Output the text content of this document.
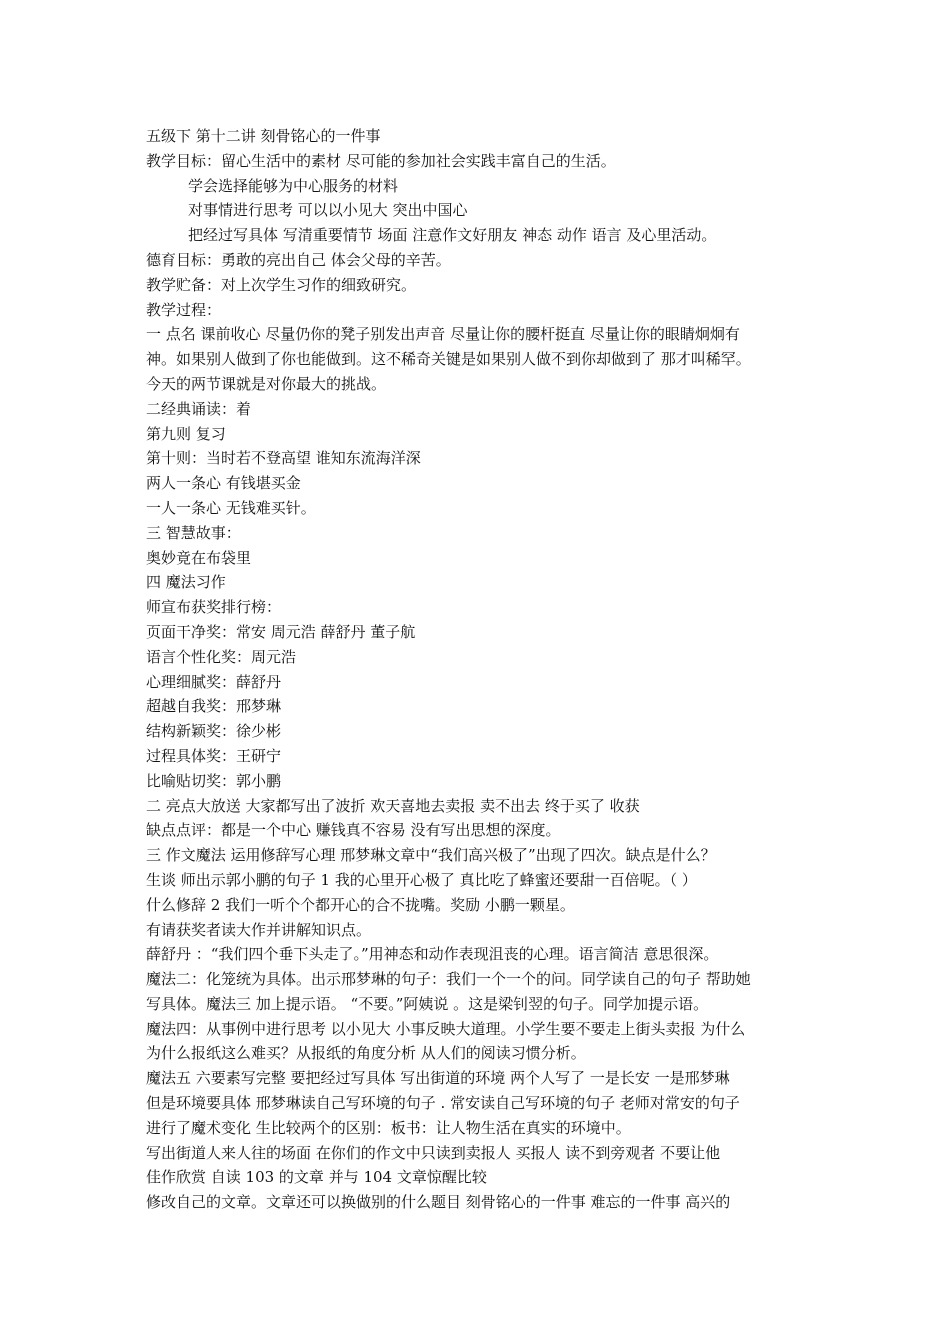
五级下 第十二讲 刻骨铭心的一件事
教学目标：留心生活中的素材 尽可能的参加社会实践丰富自己的生活。
学会选择能够为中心服务的材料
对事情进行思考 可以以小见大 突出中国心
把经过写具体 写清重要情节 场面 注意作文好朋友 神态 动作 语言 及心里活动。
德育目标：勇敢的亮出自己 体会父母的辛苦。
教学贮备：对上次学生习作的细致研究。
教学过程：
一 点名 课前收心 尽量仍你的凳子别发出声音 尽量让你的腰杆挺直 尽量让你的眼睛炯炯有
神。如果别人做到了你也能做到。这不稀奇关键是如果别人做不到你却做到了 那才叫稀罕。
今天的两节课就是对你最大的挑战。
二经典诵读：着
第九则 复习
第十则：当时若不登高望 谁知东流海洋深
两人一条心 有钱堪买金
一人一条心 无钱难买针。
三 智慧故事：
奥妙竟在布袋里
四 魔法习作
师宣布获奖排行榜：
页面干净奖：常安 周元浩 薛舒丹 董子航
语言个性化奖：周元浩
心理细腻奖：薛舒丹
超越自我奖：邢梦琳
结构新颖奖：徐少彬
过程具体奖：王研宁
比喻贴切奖：郭小鹏
二 亮点大放送 大家都写出了波折 欢天喜地去卖报 卖不出去 终于买了 收获
缺点点评：都是一个中心 赚钱真不容易 没有写出思想的深度。
三 作文魔法 运用修辞写心理 邢梦琳文章中“我们高兴极了”出现了四次。缺点是什么？
生谈 师出示郭小鹏的句子 1 我的心里开心极了 真比吃了蜂蜜还要甜一百倍呢。（ ）
什么修辞 2 我们一听个个都开心的合不拢嘴。奖励 小鹏一颗星。
有请获奖者读大作并讲解知识点。
薛舒丹 ：“我们四个垂下头走了。”用神态和动作表现沮丧的心理。语言简洁 意思很深。
魔法二：化笼统为具体。出示邢梦琳的句子：我们一个一个的问。同学读自己的句子 帮助她
写具体。魔法三 加上提示语。 “不要。”阿姨说 。这是梁钊翌的句子。同学加提示语。
魔法四：从事例中进行思考 以小见大 小事反映大道理。小学生要不要走上街头卖报 为什么
为什么报纸这么难买？从报纸的角度分析 从人们的阅读习惯分析。
魔法五 六要素写完整 要把经过写具体 写出街道的环境 两个人写了 一是长安 一是邢梦琳
但是环境要具体 邢梦琳读自己写环境的句子 . 常安读自己写环境的句子 老师对常安的句子
进行了魔术变化 生比较两个的区别：板书：让人物生活在真实的环境中。
写出街道人来人往的场面 在你们的作文中只读到卖报人 买报人 读不到旁观者 不要让他
佳作欣赏 自读 103 的文章 并与 104 文章惊醒比较
修改自己的文章。文章还可以换做别的什么题目 刻骨铭心的一件事 难忘的一件事 高兴的
